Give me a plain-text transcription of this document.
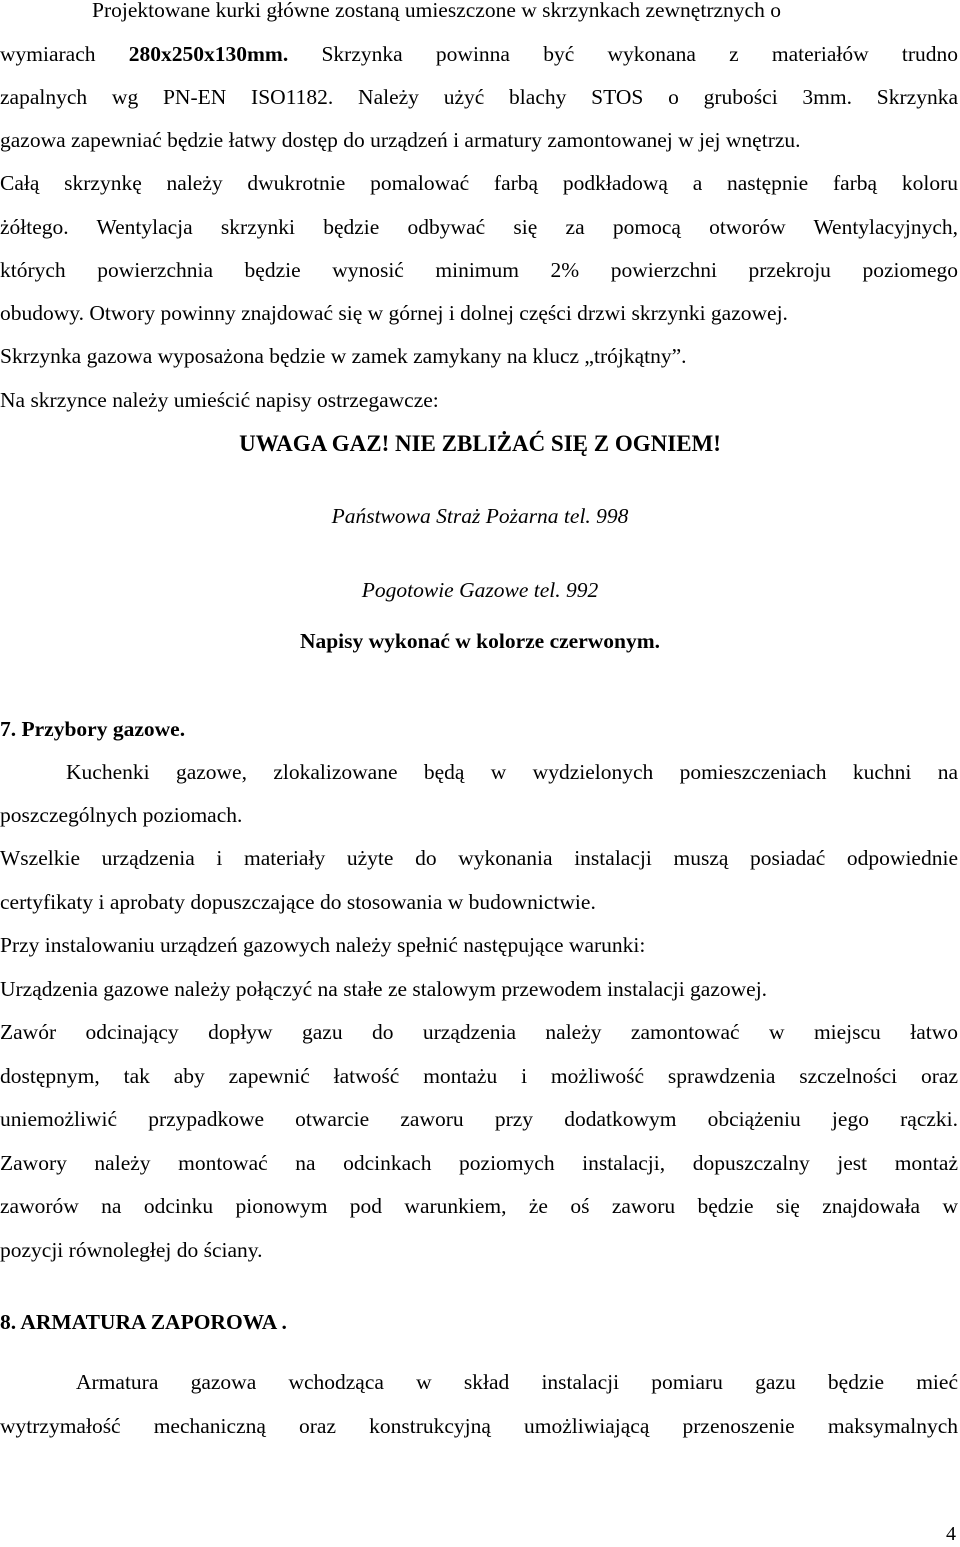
Projektowane kurki główne zostaną umieszczone w skrzynkach zewnętrznych o
wymiarach 280x250x130mm. Skrzynka powinna być wykonana z materiałów trudno
zapalnych wg PN-EN ISO1182. Należy użyć blachy STOS o grubości 3mm. Skrzynka
gazowa zapewniać będzie łatwy dostęp do urządzeń i armatury zamontowanej w jej wnętrzu.
Całą skrzynkę należy dwukrotnie pomalować farbą podkładową a następnie farbą koloru
żółtego. Wentylacja skrzynki będzie odbywać się za pomocą otworów Wentylacyjnych,
których powierzchnia będzie wynosić minimum 2% powierzchni przekroju poziomego
obudowy. Otwory powinny znajdować się w górnej i dolnej części drzwi skrzynki gazowej.
Skrzynka gazowa wyposażona będzie w zamek zamykany na klucz „trójkątny”.
Na skrzynce należy umieścić napisy ostrzegawcze:
UWAGA GAZ! NIE ZBLIŻAĆ SIĘ Z OGNIEM!
Państwowa Straż Pożarna tel. 998
Pogotowie Gazowe tel. 992
Napisy wykonać w kolorze czerwonym.
7. Przybory gazowe.
Kuchenki gazowe, zlokalizowane będą w wydzielonych pomieszczeniach kuchni na
poszczególnych poziomach.
Wszelkie urządzenia i materiały użyte do wykonania instalacji muszą posiadać odpowiednie
certyfikaty i aprobaty dopuszczające do stosowania w budownictwie.
Przy instalowaniu urządzeń gazowych należy spełnić następujące warunki:
Urządzenia gazowe należy połączyć na stałe ze stalowym przewodem instalacji gazowej.
Zawór odcinający dopływ gazu do urządzenia należy zamontować w miejscu łatwo
dostępnym, tak aby zapewnić łatwość montażu i możliwość sprawdzenia szczelności oraz
uniemożliwić przypadkowe otwarcie zaworu przy dodatkowym obciążeniu jego rączki.
Zawory należy montować na odcinkach poziomych instalacji, dopuszczalny jest montaż
zaworów na odcinku pionowym pod warunkiem, że oś zaworu będzie się znajdowała w
pozycji równoległej do ściany.
8. ARMATURA ZAPOROWA .
Armatura gazowa wchodząca w skład instalacji pomiaru gazu będzie mieć
wytrzymałość mechaniczną oraz konstrukcyjną umożliwiającą przenoszenie maksymalnych
4
